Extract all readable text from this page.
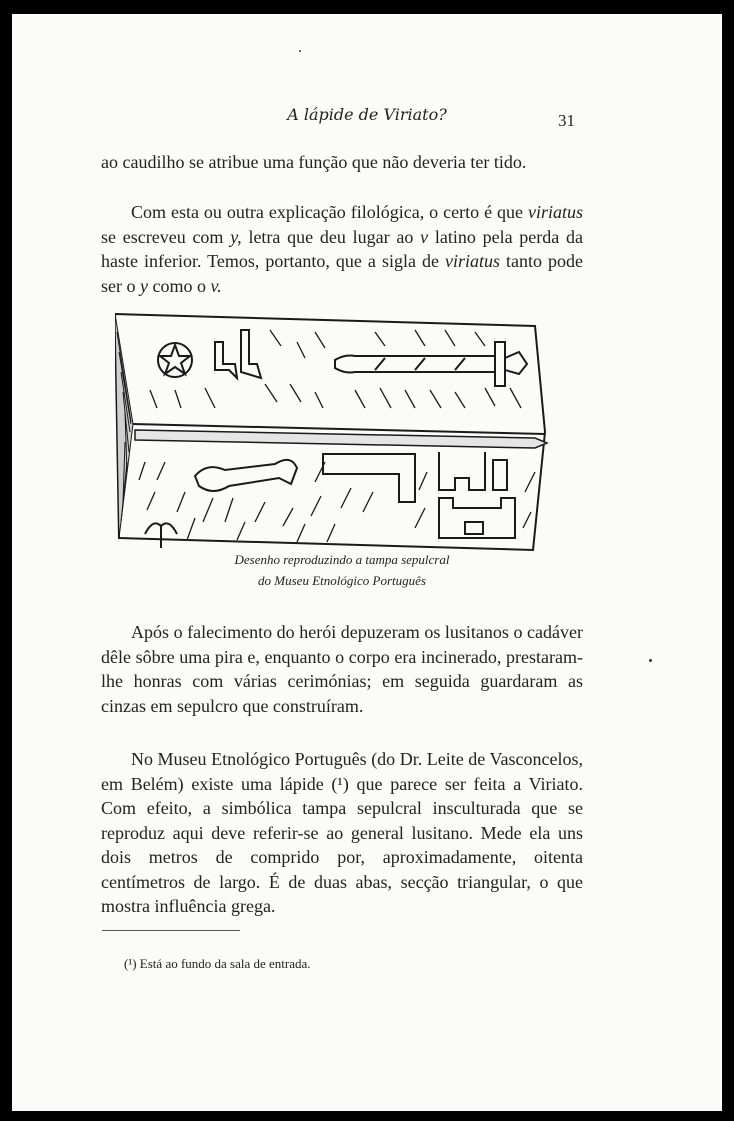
A lápide de Viriato?	31

ao caudilho se atribue uma função que não deveria ter tido.

Com esta ou outra explicação filológica, o certo é que viriatus se escreveu com y, letra que deu lugar ao v latino pela perda da haste inferior. Temos, portanto, que a sigla de viriatus tanto pode ser o y como o v.

Desenho reproduzindo a tampa sepulcral
do Museu Etnológico Português

Após o falecimento do herói depuzeram os lusitanos o cadáver dêle sôbre uma pira e, enquanto o corpo era incinerado, prestaram-lhe honras com várias cerimónias; em seguida guardaram as cinzas em sepulcro que construíram.

No Museu Etnológico Português (do Dr. Leite de Vasconcelos, em Belém) existe uma lápide (¹) que parece ser feita a Viriato. Com efeito, a simbólica tampa sepulcral insculturada que se reproduz aqui deve referir-se ao general lusitano. Mede ela uns dois metros de comprido por, aproximadamente, oitenta centímetros de largo. É de duas abas, secção triangular, o que mostra influência grega.

(¹) Está ao fundo da sala de entrada.
